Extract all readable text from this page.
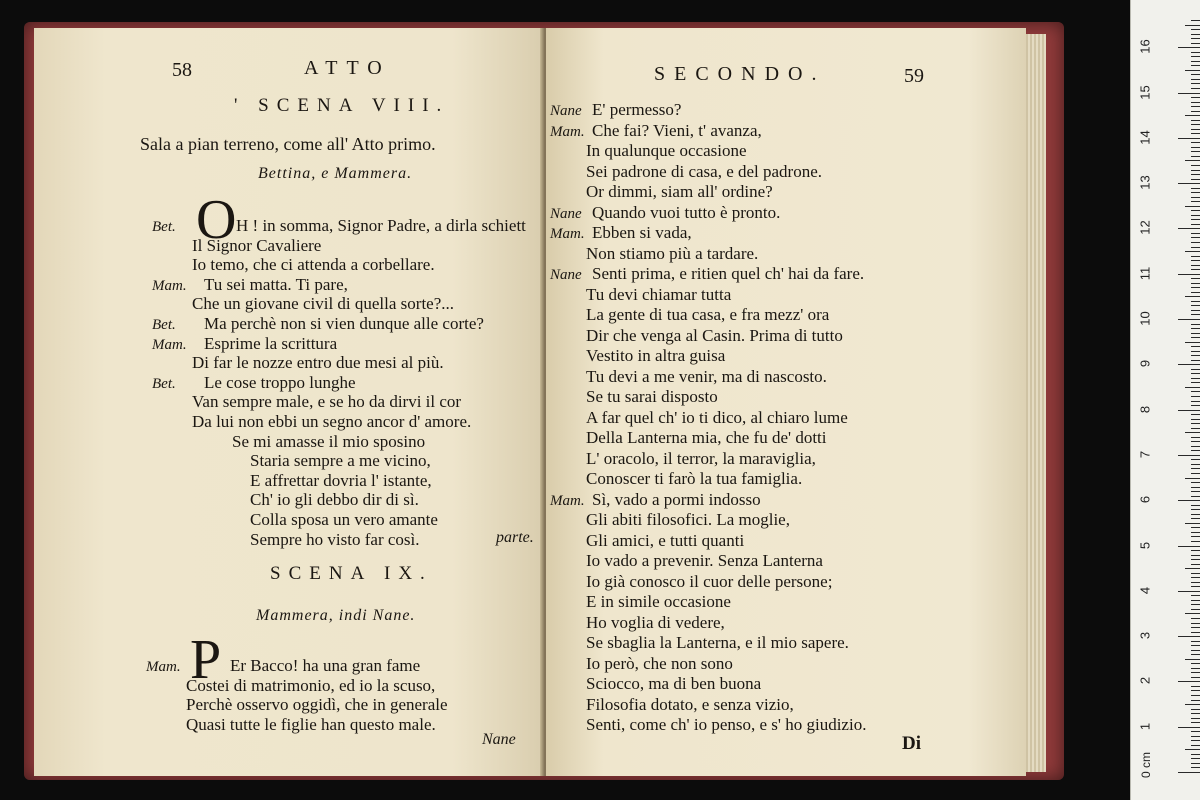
58	ATTO
' SCENA VIII.
Sala a pian terreno, come all' Atto primo.
Bettina, e Mammera.
Bet. O H ! in somma, Signor Padre, a dirla schiett
Il Signor Cavaliere
Io temo, che ci attenda a corbellare.
Mam. Tu sei matta. Ti pare,
Che un giovane civil di quella sorte?...
Bet. Ma perchè non si vien dunque alle corte?
Mam. Esprime la scrittura
Di far le nozze entro due mesi al più.
Bet. Le cose troppo lunghe
Van sempre male, e se ho da dirvi il cor
Da lui non ebbi un segno ancor d' amore.
Se mi amasse il mio sposino
Staria sempre a me vicino,
E affrettar dovria l' istante,
Ch' io gli debbo dir di sì.
Colla sposa un vero amante
Sempre ho visto far così.	parte.
SCENA IX.
Mammera, indi Nane.
Mam. P Er Bacco! ha una gran fame
Costei di matrimonio, ed io la scuso,
Perchè osservo oggidì, che in generale
Quasi tutte le figlie han questo male.
Nane
SECONDO.	59
Nane E' permesso?
Mam. Che fai? Vieni, t' avanza,
In qualunque occasione
Sei padrone di casa, e del padrone.
Or dimmi, siam all' ordine?
Nane Quando vuoi tutto è pronto.
Mam. Ebben si vada,
Non stiamo più a tardare.
Nane Senti prima, e ritien quel ch' hai da fare.
Tu devi chiamar tutta
La gente di tua casa, e fra mezz' ora
Dir che venga al Casin. Prima di tutto
Vestito in altra guisa
Tu devi a me venir, ma di nascosto.
Se tu sarai disposto
A far quel ch' io ti dico, al chiaro lume
Della Lanterna mia, che fu de' dotti
L' oracolo, il terror, la maraviglia,
Conoscer ti farò la tua famiglia.
Mam. Sì, vado a pormi indosso
Gli abiti filosofici. La moglie,
Gli amici, e tutti quanti
Io vado a prevenir. Senza Lanterna
Io già conosco il cuor delle persone;
E in simile occasione
Ho voglia di vedere,
Se sbaglia la Lanterna, e il mio sapere.
Io però, che non sono
Sciocco, ma di ben buona
Filosofia dotato, e senza vizio,
Senti, come ch' io penso, e s' ho giudizio.
Di
1
2
3
4
5
6
7
8
9
10
11
12
13
14
15
16
0 cm
